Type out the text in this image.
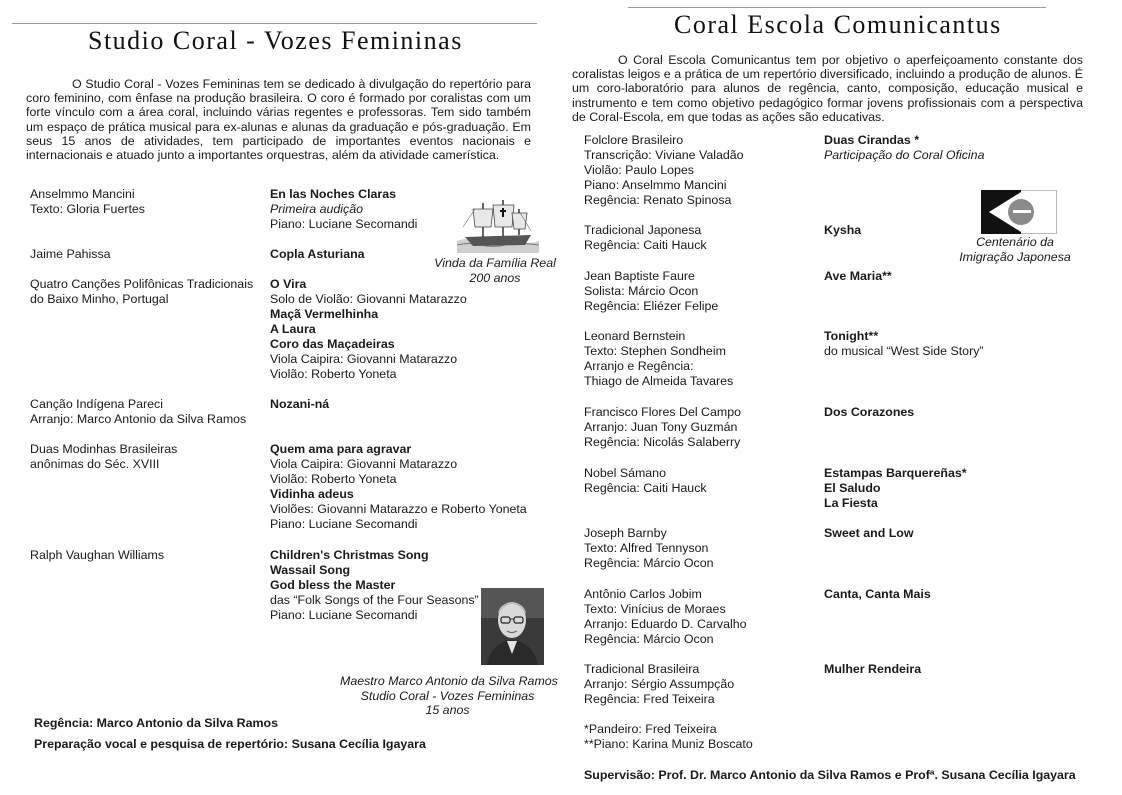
Studio Coral - Vozes Femininas
O Studio Coral - Vozes Femininas tem se dedicado à divulgação do repertório para coro feminino, com ênfase na produção brasileira. O coro é formado por coralistas com um forte vínculo com a área coral, incluindo várias regentes e professoras. Tem sido também um espaço de prática musical para ex-alunas e alunas da graduação e pós-graduação. Em seus 15 anos de atividades, tem participado de importantes eventos nacionais e internacionais e atuado junto a importantes orquestras, além da atividade camerística.
Anselmmo Mancini
Texto: Gloria Fuertes
En las Noches Claras
Primeira audição
Piano: Luciane Secomandi
Jaime Pahissa	Copla Asturiana
Quatro Canções Polifônicas Tradicionais
do Baixo Minho, Portugal
O Vira
Solo de Violão: Giovanni Matarazzo
Maçã Vermelhinha
A Laura
Coro das Maçadeiras
Viola Caipira: Giovanni Matarazzo
Violão: Roberto Yoneta
Canção Indígena Pareci
Arranjo: Marco Antonio da Silva Ramos
Nozani-ná
Duas Modinhas Brasileiras
anônimas do Séc. XVIII
Quem ama para agravar
Viola Caipira: Giovanni Matarazzo
Violão: Roberto Yoneta
Vidinha adeus
Violões: Giovanni Matarazzo e Roberto Yoneta
Piano: Luciane Secomandi
Ralph Vaughan Williams	Children's Christmas Song
Wassail Song
God bless the Master
das “Folk Songs of the Four Seasons”
Piano: Luciane Secomandi
Vinda da Família Real
200 anos
Maestro Marco Antonio da Silva Ramos
Studio Coral - Vozes Femininas
15 anos
Regência: Marco Antonio da Silva Ramos
Preparação vocal e pesquisa de repertório: Susana Cecília Igayara
Coral Escola Comunicantus
O Coral Escola Comunicantus tem por objetivo o aperfeiçoamento constante dos coralistas leigos e a prática de um repertório diversificado, incluindo a produção de alunos. É um coro-laboratório para alunos de regência, canto, composição, educação musical e instrumento e tem como objetivo pedagógico formar jovens profissionais com a perspectiva de Coral-Escola, em que todas as ações são educativas.
Folclore Brasileiro
Transcrição: Viviane Valadão
Violão: Paulo Lopes
Piano: Anselmmo Mancini
Regência: Renato Spinosa
Duas Cirandas *
Participação do Coral Oficina
Tradicional Japonesa
Regência: Caiti Hauck
Kysha
Centenário da
Imigração Japonesa
Jean Baptiste Faure
Solista: Márcio Ocon
Regência: Eliézer Felipe
Ave Maria**
Leonard Bernstein
Texto: Stephen Sondheim
Arranjo e Regência:
Thiago de Almeida Tavares
Tonight**
do musical “West Side Story”
Francisco Flores Del Campo
Arranjo: Juan Tony Guzmán
Regência: Nicolás Salaberry
Dos Corazones
Nobel Sámano
Regência: Caiti Hauck
Estampas Barquereñas*
El Saludo
La Fiesta
Joseph Barnby
Texto: Alfred Tennyson
Regência: Márcio Ocon
Sweet and Low
Antônio Carlos Jobim
Texto: Vinícius de Moraes
Arranjo: Eduardo D. Carvalho
Regência: Márcio Ocon
Canta, Canta Mais
Tradicional Brasileira
Arranjo: Sérgio Assumpção
Regência: Fred Teixeira
Mulher Rendeira
*Pandeiro: Fred Teixeira
**Piano: Karina Muniz Boscato
Supervisão: Prof. Dr. Marco Antonio da Silva Ramos e Profª. Susana Cecília Igayara
